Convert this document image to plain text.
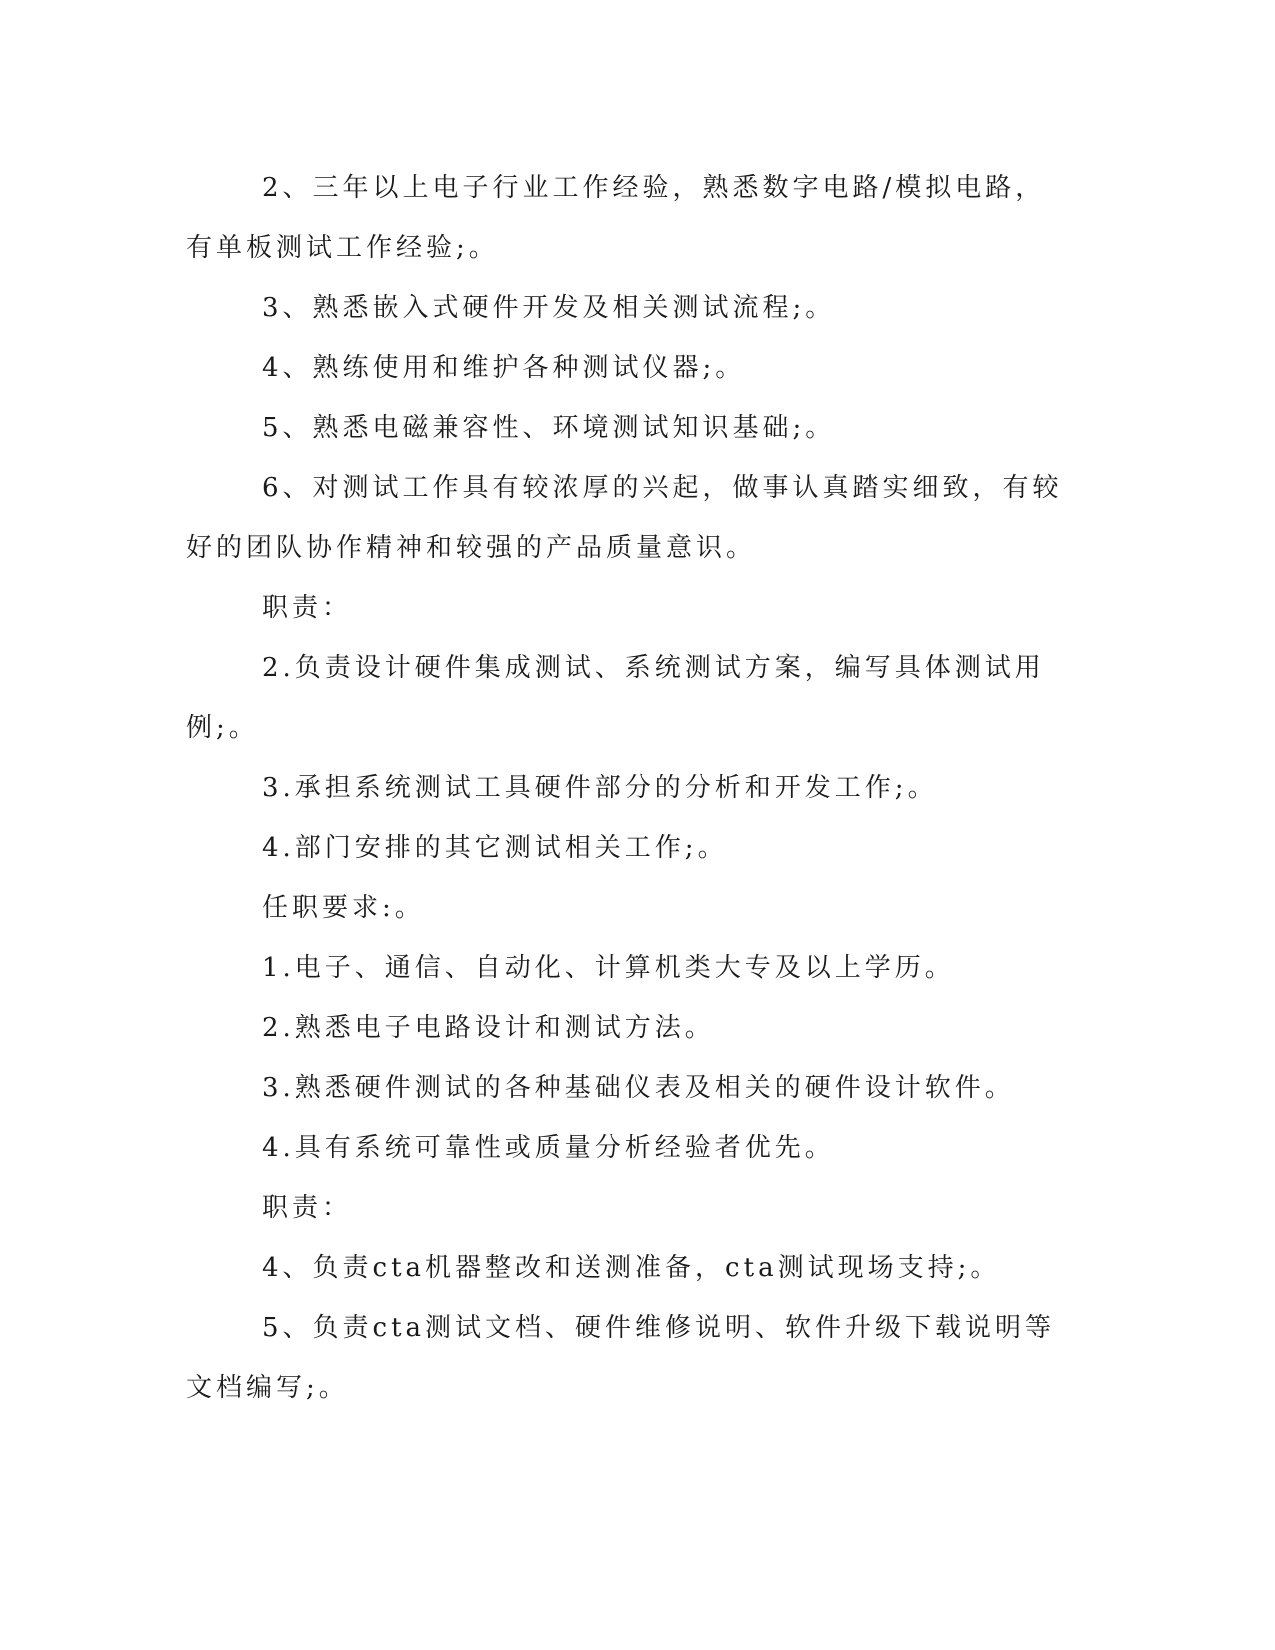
2、三年以上电子行业工作经验，熟悉数字电路/模拟电路，有单板测试工作经验;。

3、熟悉嵌入式硬件开发及相关测试流程;。

4、熟练使用和维护各种测试仪器;。

5、熟悉电磁兼容性、环境测试知识基础;。

6、对测试工作具有较浓厚的兴起，做事认真踏实细致，有较好的团队协作精神和较强的产品质量意识。

职责：

2.负责设计硬件集成测试、系统测试方案，编写具体测试用例;。

3.承担系统测试工具硬件部分的分析和开发工作;。

4.部门安排的其它测试相关工作;。

任职要求:。

1.电子、通信、自动化、计算机类大专及以上学历。

2.熟悉电子电路设计和测试方法。

3.熟悉硬件测试的各种基础仪表及相关的硬件设计软件。

4.具有系统可靠性或质量分析经验者优先。

职责：

4、负责cta机器整改和送测准备，cta测试现场支持;。

5、负责cta测试文档、硬件维修说明、软件升级下载说明等文档编写;。
